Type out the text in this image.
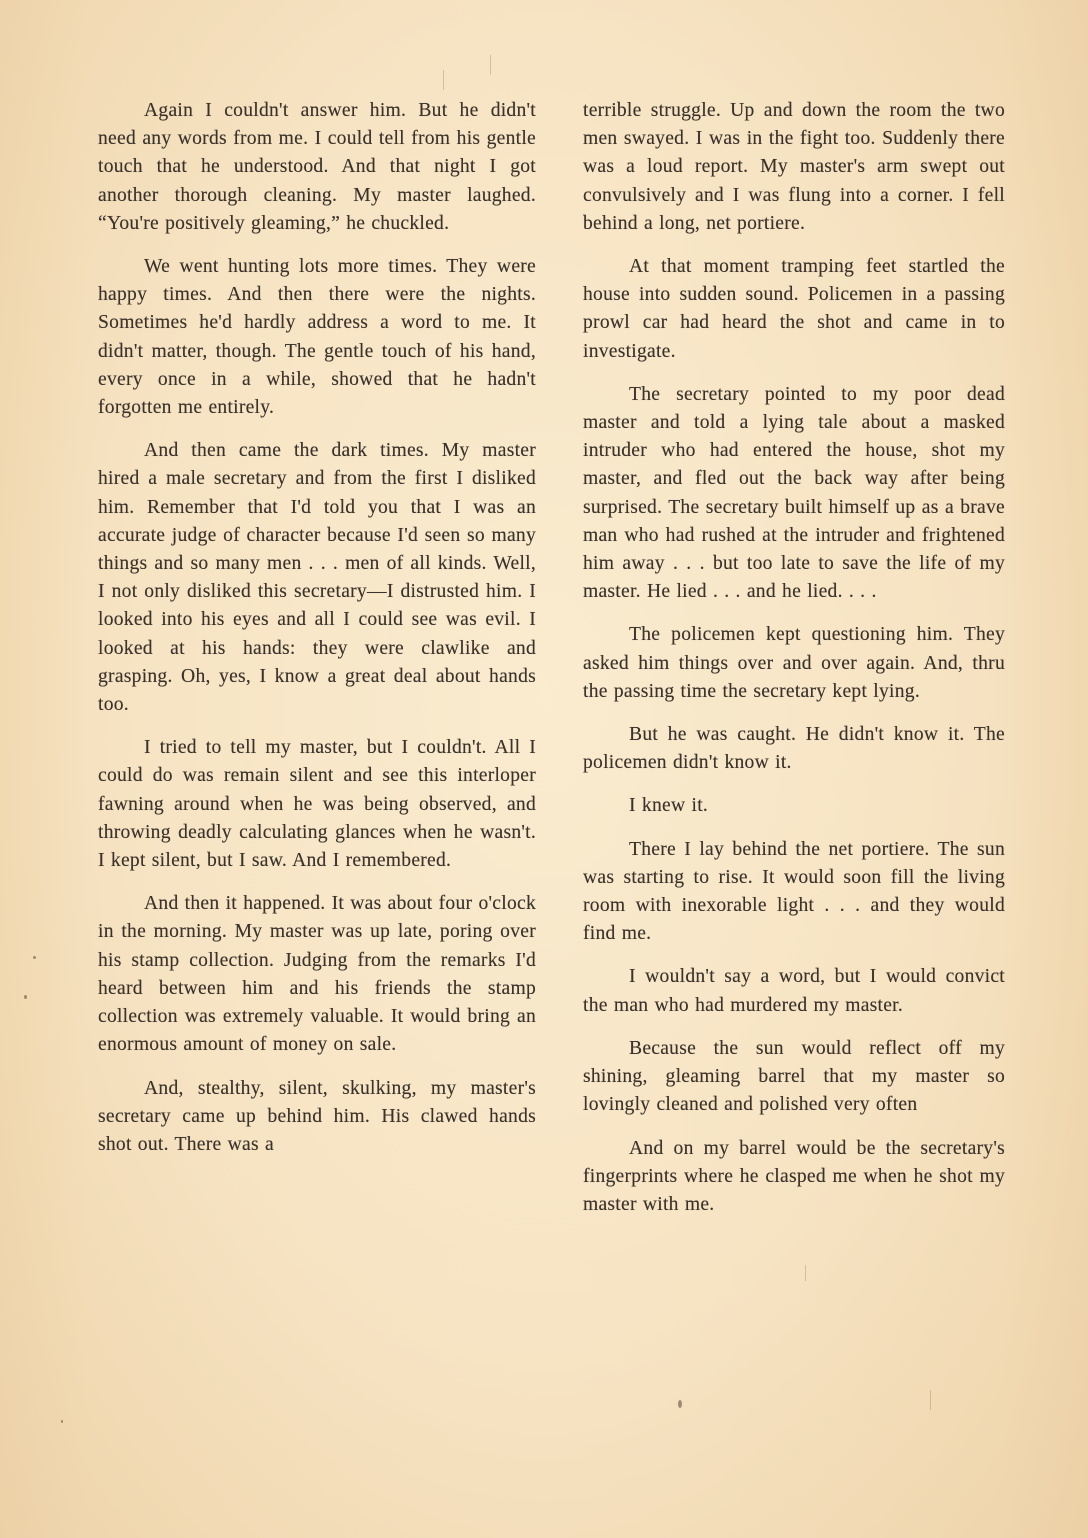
Again I couldn't answer him. But he didn't need any words from me. I could tell from his gentle touch that he understood. And that night I got another thorough cleaning. My master laughed. “You're positively gleaming,” he chuckled.

We went hunting lots more times. They were happy times. And then there were the nights. Sometimes he'd hardly address a word to me. It didn't matter, though. The gentle touch of his hand, every once in a while, showed that he hadn't forgotten me entirely.

And then came the dark times. My master hired a male secretary and from the first I disliked him. Remember that I'd told you that I was an accurate judge of character because I'd seen so many things and so many men . . . men of all kinds. Well, I not only disliked this secretary—I distrusted him. I looked into his eyes and all I could see was evil. I looked at his hands: they were clawlike and grasping. Oh, yes, I know a great deal about hands too.

I tried to tell my master, but I couldn't. All I could do was remain silent and see this interloper fawning around when he was being observed, and throwing deadly calculating glances when he wasn't. I kept silent, but I saw. And I remembered.

And then it happened. It was about four o'clock in the morning. My master was up late, poring over his stamp collection. Judging from the remarks I'd heard between him and his friends the stamp collection was extremely valuable. It would bring an enormous amount of money on sale.

And, stealthy, silent, skulking, my master's secretary came up behind him. His clawed hands shot out. There was a

terrible struggle. Up and down the room the two men swayed. I was in the fight too. Suddenly there was a loud report. My master's arm swept out convulsively and I was flung into a corner. I fell behind a long, net portiere.

At that moment tramping feet startled the house into sudden sound. Policemen in a passing prowl car had heard the shot and came in to investigate.

The secretary pointed to my poor dead master and told a lying tale about a masked intruder who had entered the house, shot my master, and fled out the back way after being surprised. The secretary built himself up as a brave man who had rushed at the intruder and frightened him away . . . but too late to save the life of my master. He lied . . . and he lied. . . .

The policemen kept questioning him. They asked him things over and over again. And, thru the passing time the secretary kept lying.

But he was caught. He didn't know it. The policemen didn't know it.

I knew it.

There I lay behind the net portiere. The sun was starting to rise. It would soon fill the living room with inexorable light . . . and they would find me.

I wouldn't say a word, but I would convict the man who had murdered my master.

Because the sun would reflect off my shining, gleaming barrel that my master so lovingly cleaned and polished very often

And on my barrel would be the secretary's fingerprints where he clasped me when he shot my master with me.
